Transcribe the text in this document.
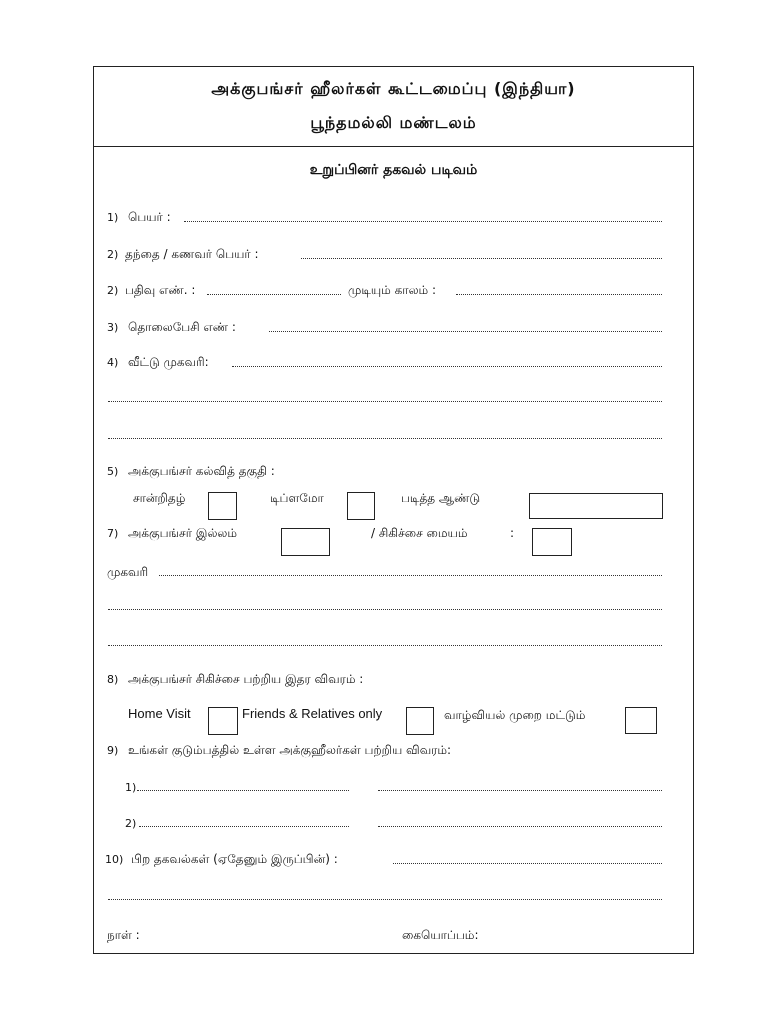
அக்குபங்சர் ஹீலர்கள் கூட்டமைப்பு (இந்தியா)
பூந்தமல்லி மண்டலம்
உறுப்பினர் தகவல் படிவம்
1) பெயர் :
2) தந்தை / கணவர் பெயர் :
2) பதிவு எண். :	முடியும் காலம் :
3) தொலைபேசி எண் :
4) வீட்டு முகவரி:
5) அக்குபங்சர் கல்வித் தகுதி :
சான்றிதழ்	டிப்ளமோ	படித்த ஆண்டு
7) அக்குபங்சர் இல்லம்	/ சிகிச்சை மையம்	:
முகவரி
8) அக்குபங்சர் சிகிச்சை பற்றிய இதர விவரம் :
Home Visit	Friends & Relatives only	வாழ்வியல் முறை மட்டும்
9) உங்கள் குடும்பத்தில் உள்ள அக்குஹீலர்கள் பற்றிய விவரம்:
1)
2)
10) பிற தகவல்கள் (ஏதேனும் இருப்பின்) :
நாள் :	கையொப்பம்:
